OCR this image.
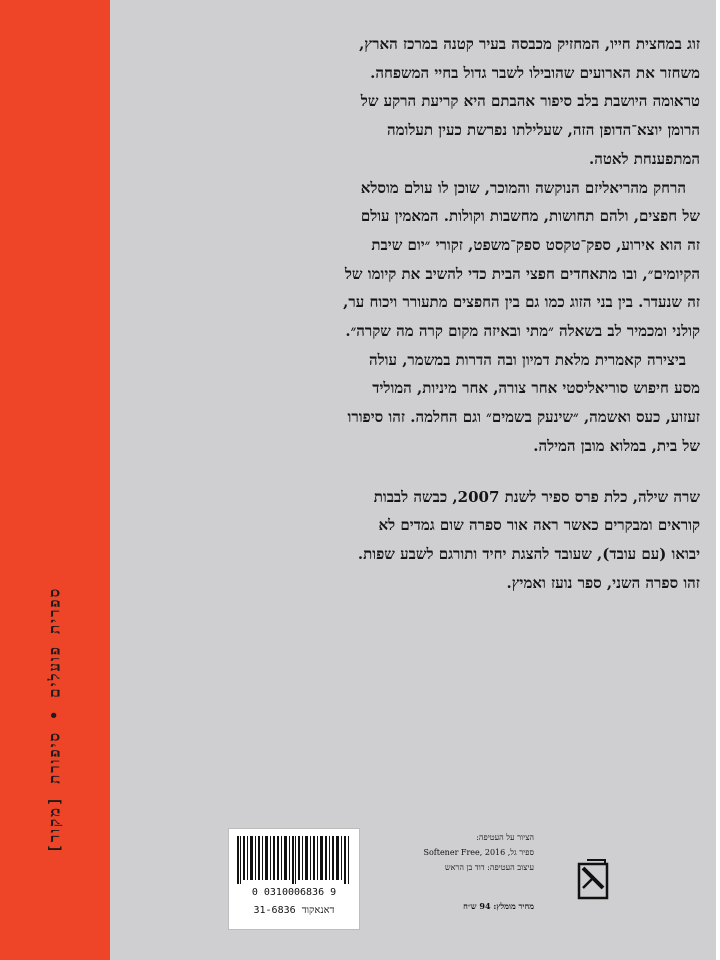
ספרית פועלים • סיפורת [מקור]

זוג במחצית חייו, המחזיק מכבסה בעיר קטנה במרכז הארץ,
משחזר את הארועים שהובילו לשבר גדול בחיי המשפחה.
טראומה היושבת בלב סיפור אהבתם היא קריעת הרקע של
הרומן יוצא־הדופן הזה, שעלילתו נפרשת כעין תעלומה
המתפענחת לאטה.

הרחק מהריאליזם הנוקשה והמוכר, שוכן לו עולם מוסלא
של חפצים, ולהם תחושות, מחשבות וקולות. המאמין עולם
זה הוא אירוע, ספק־טקסט ספק־משפט, זקורי ״יום שיבת
הקיומים״, ובו מתאחדים חפצי הבית כדי להשיב את קיומו של
זה שנעדר. בין בני הזוג כמו גם בין החפצים מתעורר ויכוח ער,
קולני ומכמיר לב בשאלה ״מתי ובאיזה מקום קרה מה שקרה״.

ביצירה קאמרית מלאת דמיון ובה הדרות במשמר, עולה
מסע חיפוש סוריאליסטי אחר צורה, אחר מיניות, המוליד
זעזוע, כעס ואשמה, ״שינעק בשמים״ וגם החלמה. זהו סיפורו
של בית, במלוא מובן המילה.

שרה שילה, כלת פרס ספיר לשנת 2007, כבשה לבבות
קוראים ומבקרים כאשר ראה אור ספרה שום גמדים לא
יבואו (עם עובד), שעובד להצגת יחיד ותורגם לשבע שפות.
זהו ספרה השני, ספר נועז ואמיץ.

0 0310006836 9
דאנאקוד 31-6836
הציור על העטיפה:
ספיר גל, Softener Free, 2016
עיצוב העטיפה: דוד בן הראש
מחיר מומלץ: 94 ש״ח
